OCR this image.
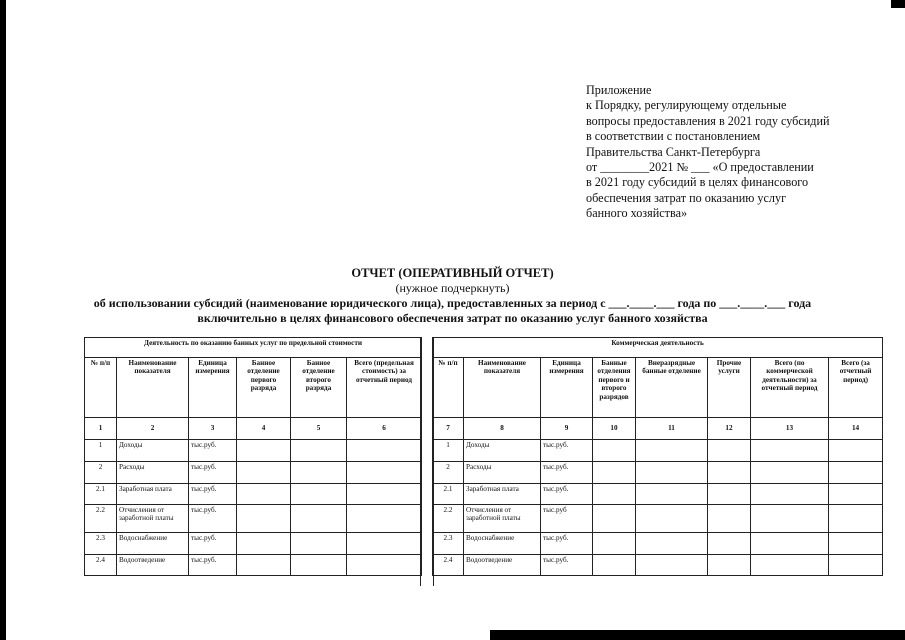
Приложение
к Порядку, регулирующему отдельные
вопросы предоставления в 2021 году субсидий
в соответствии с постановлением
Правительства Санкт-Петербурга
от ________2021 № ___ «О предоставлении
в 2021 году субсидий в целях финансового
обеспечения затрат по оказанию услуг
банного хозяйства»
ОТЧЕТ (ОПЕРАТИВНЫЙ ОТЧЕТ)
(нужное подчеркнуть)
об использовании субсидий (наименование юридического лица), предоставленных за период с ___.____.___ года по ___.____.___ года
включительно в целях финансового обеспечения затрат по оказанию услуг банного хозяйства
Деятельность по оказанию банных услуг по предельной стоимости					
№ п/п	Наименование показателя	Единица измерения	Банное отделение первого разряда	Банное отделение второго разряда	Всего (предельная стоимость) за отчетный период
1	2	3	4	5	6
1	Доходы	тыс.руб.			
2	Расходы	тыс.руб.			
2.1	Заработная плата	тыс.руб.			
2.2	Отчисления от заработной платы	тыс.руб.			
2.3	Водоснабжение	тыс.руб.			
2.4	Водоотведение	тыс.руб.			
Коммерческая деятельность							
№ п/п	Наименование показателя	Единица измерения	Банные отделения первого и второго разрядов	Внеразрядные банные отделение	Прочие услуги	Всего (по коммерческой деятельности) за отчетный период	Всего (за отчетный период)
7	8	9	10	11	12	13	14
1	Доходы	тыс.руб.					
2	Расходы	тыс.руб.					
2.1	Заработная плата	тыс.руб.					
2.2	Отчисления от заработной платы	тыс.руб					
2.3	Водоснабжение	тыс.руб.					
2.4	Водоотведение	тыс.руб.					
